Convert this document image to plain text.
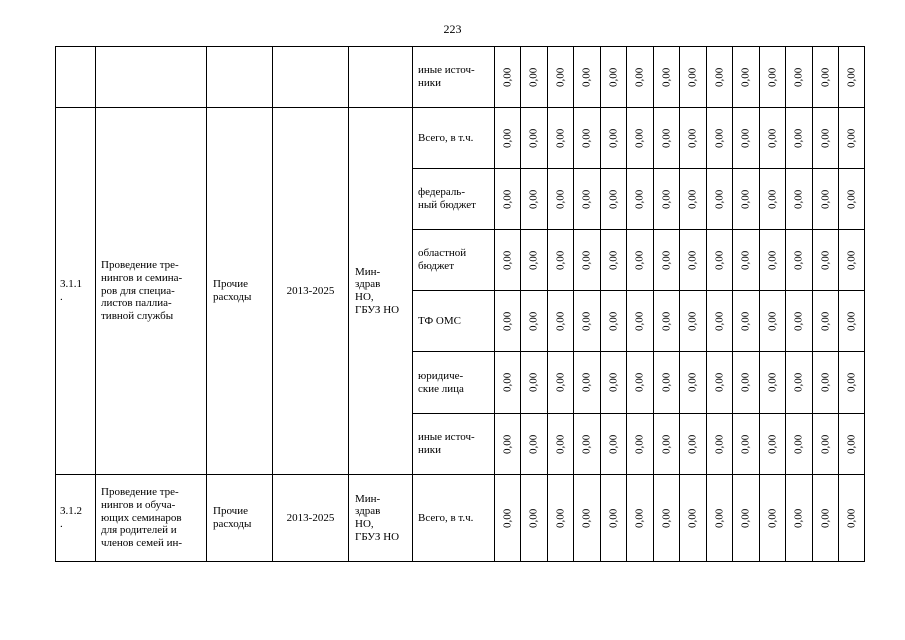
223
					иные источ-
ники	0,00	0,00	0,00	0,00	0,00	0,00	0,00	0,00	0,00	0,00	0,00	0,00	0,00	0,00
3.1.1
.	Проведение тре-
нингов и семина-
ров для специа-
листов паллиа-
тивной службы	Прочие
расходы	2013-2025	Мин-
здрав
НО,
ГБУЗ НО	Всего, в т.ч.	0,00	0,00	0,00	0,00	0,00	0,00	0,00	0,00	0,00	0,00	0,00	0,00	0,00	0,00
					федераль-
ный бюджет	0,00	0,00	0,00	0,00	0,00	0,00	0,00	0,00	0,00	0,00	0,00	0,00	0,00	0,00
					областной
бюджет	0,00	0,00	0,00	0,00	0,00	0,00	0,00	0,00	0,00	0,00	0,00	0,00	0,00	0,00
					ТФ ОМС	0,00	0,00	0,00	0,00	0,00	0,00	0,00	0,00	0,00	0,00	0,00	0,00	0,00	0,00
					юридиче-
ские лица	0,00	0,00	0,00	0,00	0,00	0,00	0,00	0,00	0,00	0,00	0,00	0,00	0,00	0,00
					иные источ-
ники	0,00	0,00	0,00	0,00	0,00	0,00	0,00	0,00	0,00	0,00	0,00	0,00	0,00	0,00
3.1.2
.	Проведение тре-
нингов и обуча-
ющих семинаров
для родителей и
членов семей ин-	Прочие
расходы	2013-2025	Мин-
здрав
НО,
ГБУЗ НО	Всего, в т.ч.	0,00	0,00	0,00	0,00	0,00	0,00	0,00	0,00	0,00	0,00	0,00	0,00	0,00	0,00
